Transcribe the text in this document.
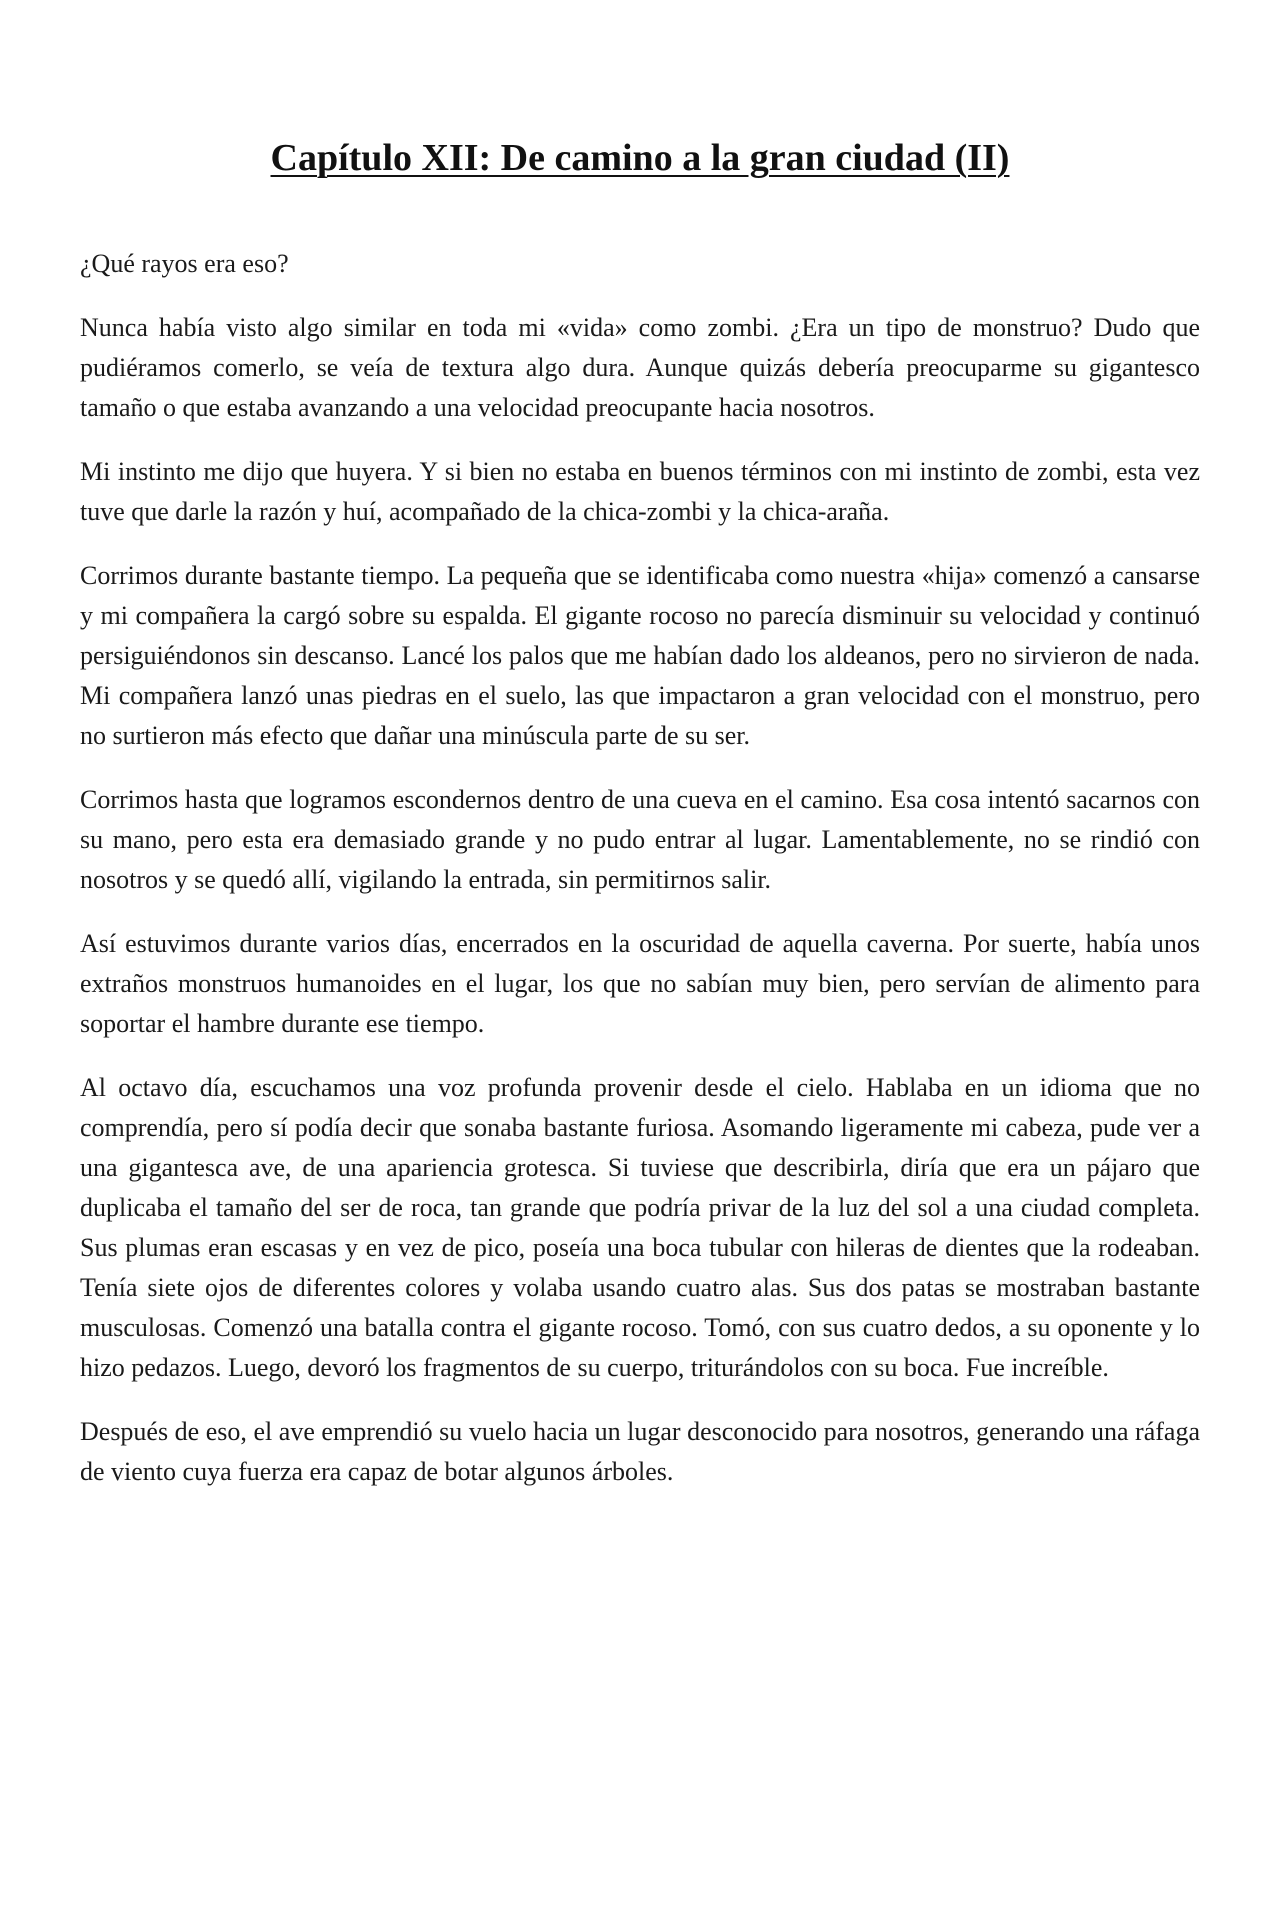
Capítulo XII: De camino a la gran ciudad (II)

¿Qué rayos era eso?

Nunca había visto algo similar en toda mi «vida» como zombi. ¿Era un tipo de monstruo? Dudo que pudiéramos comerlo, se veía de textura algo dura. Aunque quizás debería preocuparme su gigantesco tamaño o que estaba avanzando a una velocidad preocupante hacia nosotros.

Mi instinto me dijo que huyera. Y si bien no estaba en buenos términos con mi instinto de zombi, esta vez tuve que darle la razón y huí, acompañado de la chica-zombi y la chica-araña.

Corrimos durante bastante tiempo. La pequeña que se identificaba como nuestra «hija» comenzó a cansarse y mi compañera la cargó sobre su espalda. El gigante rocoso no parecía disminuir su velocidad y continuó persiguiéndonos sin descanso. Lancé los palos que me habían dado los aldeanos, pero no sirvieron de nada. Mi compañera lanzó unas piedras en el suelo, las que impactaron a gran velocidad con el monstruo, pero no surtieron más efecto que dañar una minúscula parte de su ser.

Corrimos hasta que logramos escondernos dentro de una cueva en el camino. Esa cosa intentó sacarnos con su mano, pero esta era demasiado grande y no pudo entrar al lugar. Lamentablemente, no se rindió con nosotros y se quedó allí, vigilando la entrada, sin permitirnos salir.

Así estuvimos durante varios días, encerrados en la oscuridad de aquella caverna. Por suerte, había unos extraños monstruos humanoides en el lugar, los que no sabían muy bien, pero servían de alimento para soportar el hambre durante ese tiempo.

Al octavo día, escuchamos una voz profunda provenir desde el cielo. Hablaba en un idioma que no comprendía, pero sí podía decir que sonaba bastante furiosa. Asomando ligeramente mi cabeza, pude ver a una gigantesca ave, de una apariencia grotesca. Si tuviese que describirla, diría que era un pájaro que duplicaba el tamaño del ser de roca, tan grande que podría privar de la luz del sol a una ciudad completa. Sus plumas eran escasas y en vez de pico, poseía una boca tubular con hileras de dientes que la rodeaban. Tenía siete ojos de diferentes colores y volaba usando cuatro alas. Sus dos patas se mostraban bastante musculosas. Comenzó una batalla contra el gigante rocoso. Tomó, con sus cuatro dedos, a su oponente y lo hizo pedazos. Luego, devoró los fragmentos de su cuerpo, triturándolos con su boca. Fue increíble.

Después de eso, el ave emprendió su vuelo hacia un lugar desconocido para nosotros, generando una ráfaga de viento cuya fuerza era capaz de botar algunos árboles.
